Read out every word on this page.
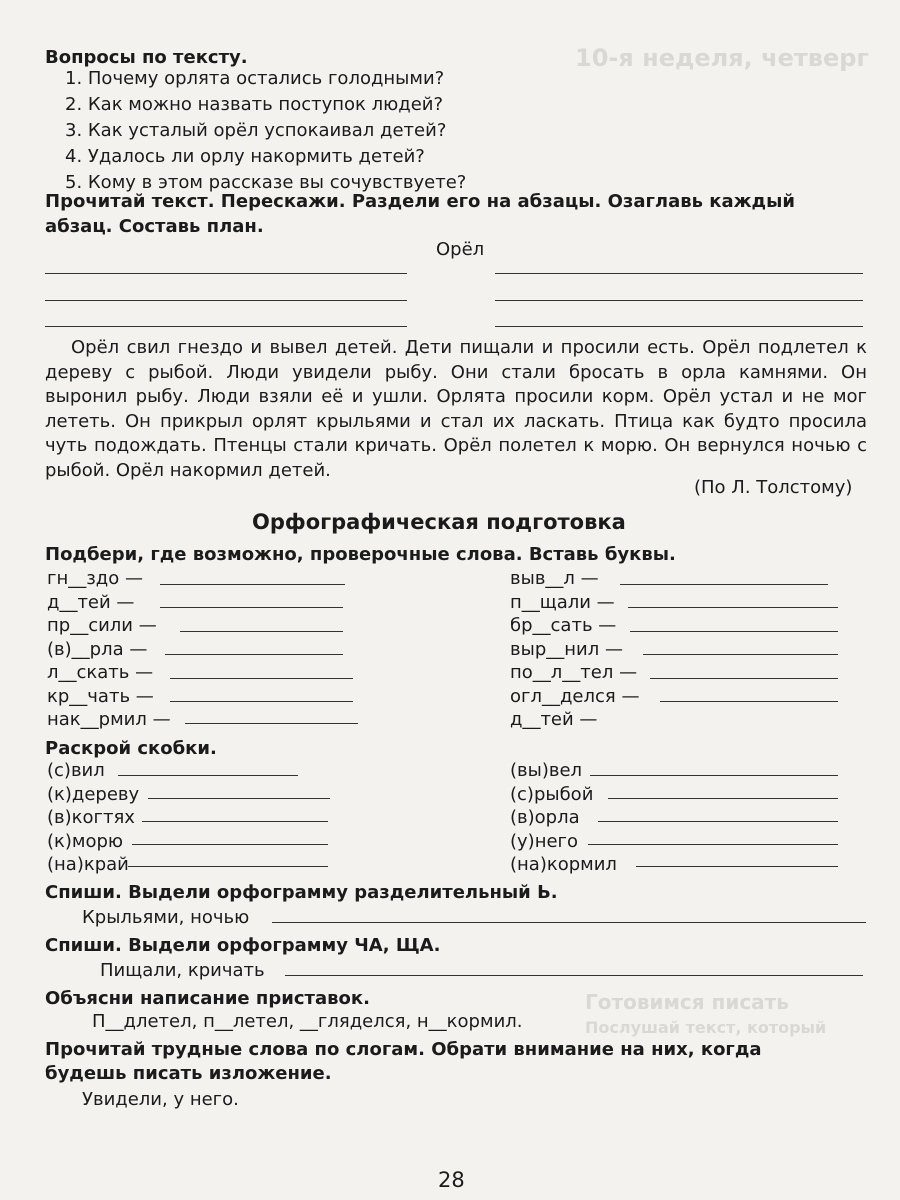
10-я неделя, четверг
Готовимся писать
Послушай текст, который
Вопросы по тексту.
1. Почему орлята остались голодными?
2. Как можно назвать поступок людей?
3. Как усталый орёл успокаивал детей?
4. Удалось ли орлу накормить детей?
5. Кому в этом рассказе вы сочувствуете?
Прочитай текст. Перескажи. Раздели его на абзацы. Озаглавь каждый
абзац. Составь план.
Орёл
Орёл свил гнездо и вывел детей. Дети пищали и просили есть. Орёл подлетел к дереву с рыбой. Люди увидели рыбу. Они стали бросать в орла камнями. Он выронил рыбу. Люди взяли её и ушли. Орлята просили корм. Орёл устал и не мог лететь. Он прикрыл орлят крыльями и стал их ласкать. Птица как будто просила чуть подождать. Птенцы стали кричать. Орёл полетел к морю. Он вернулся ночью с рыбой. Орёл накормил детей.
(По Л. Толстому)
Орфографическая подготовка
Подбери, где возможно, проверочные слова. Вставь буквы.
гн__здо —
д__тей —
пр__сили —
(в)__рла —
л__скать —
кр__чать —
нак__рмил —
выв__л —
п__щали —
бр__сать —
выр__нил —
по__л__тел —
огл__делся —
д__тей —
Раскрой скобки.
(с)вил
(к)дереву
(в)когтях
(к)морю
(на)край
(вы)вел
(с)рыбой
(в)орла
(у)него
(на)кормил
Спиши. Выдели орфограмму разделительный Ь.
Крыльями, ночью
Спиши. Выдели орфограмму ЧА, ЩА.
Пищали, кричать
Объясни написание приставок.
П__длетел, п__летел, __гляделся, н__кормил.
Прочитай трудные слова по слогам. Обрати внимание на них, когда
будешь писать изложение.
Увидели, у него.
28
